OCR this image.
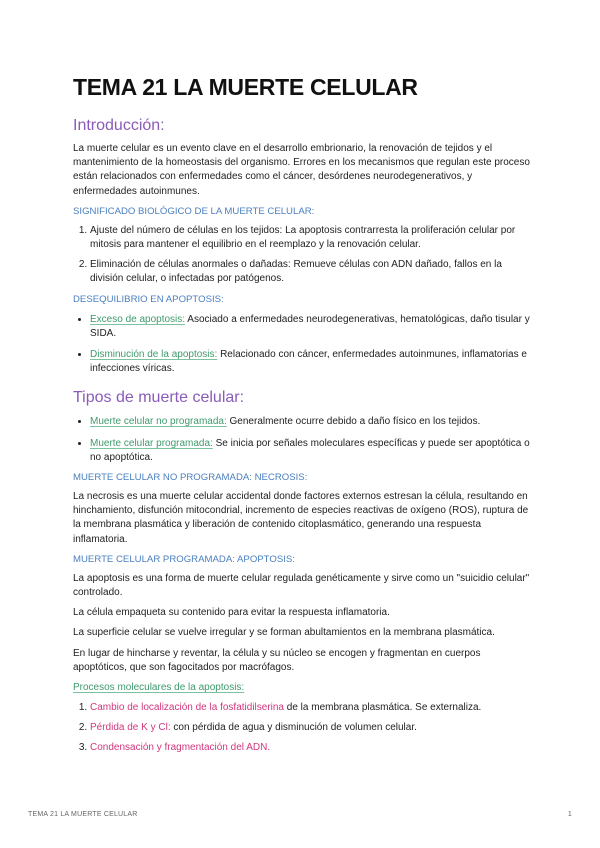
TEMA 21 LA MUERTE CELULAR
Introducción:

La muerte celular es un evento clave en el desarrollo embrionario, la renovación de tejidos y el mantenimiento de la homeostasis del organismo. Errores en los mecanismos que regulan este proceso están relacionados con enfermedades como el cáncer, desórdenes neurodegenerativos, y enfermedades autoinmunes.

SIGNIFICADO BIOLÓGICO DE LA MUERTE CELULAR:
1. Ajuste del número de células en los tejidos: La apoptosis contrarresta la proliferación celular por mitosis para mantener el equilibrio en el reemplazo y la renovación celular.
2. Eliminación de células anormales o dañadas: Remueve células con ADN dañado, fallos en la división celular, o infectadas por patógenos.
DESEQUILIBRIO EN APOPTOSIS:
• Exceso de apoptosis: Asociado a enfermedades neurodegenerativas, hematológicas, daño tisular y SIDA.
• Disminución de la apoptosis: Relacionado con cáncer, enfermedades autoinmunes, inflamatorias e infecciones víricas.
Tipos de muerte celular:
• Muerte celular no programada: Generalmente ocurre debido a daño físico en los tejidos.
• Muerte celular programada: Se inicia por señales moleculares específicas y puede ser apoptótica o no apoptótica.
MUERTE CELULAR NO PROGRAMADA: NECROSIS:

La necrosis es una muerte celular accidental donde factores externos estresan la célula, resultando en hinchamiento, disfunción mitocondrial, incremento de especies reactivas de oxígeno (ROS), ruptura de la membrana plasmática y liberación de contenido citoplasmático, generando una respuesta inflamatoria.

MUERTE CELULAR PROGRAMADA: APOPTOSIS:

La apoptosis es una forma de muerte celular regulada genéticamente y sirve como un "suicidio celular" controlado.

La célula empaqueta su contenido para evitar la respuesta inflamatoria.

La superficie celular se vuelve irregular y se forman abultamientos en la membrana plasmática.

En lugar de hincharse y reventar, la célula y su núcleo se encogen y fragmentan en cuerpos apoptóticos, que son fagocitados por macrófagos.

Procesos moleculares de la apoptosis:
1. Cambio de localización de la fosfatidilserina de la membrana plasmática. Se externaliza.
2. Pérdida de K y Cl: con pérdida de agua y disminución de volumen celular.
3. Condensación y fragmentación del ADN.
TEMA 21 LA MUERTE CELULAR	1
